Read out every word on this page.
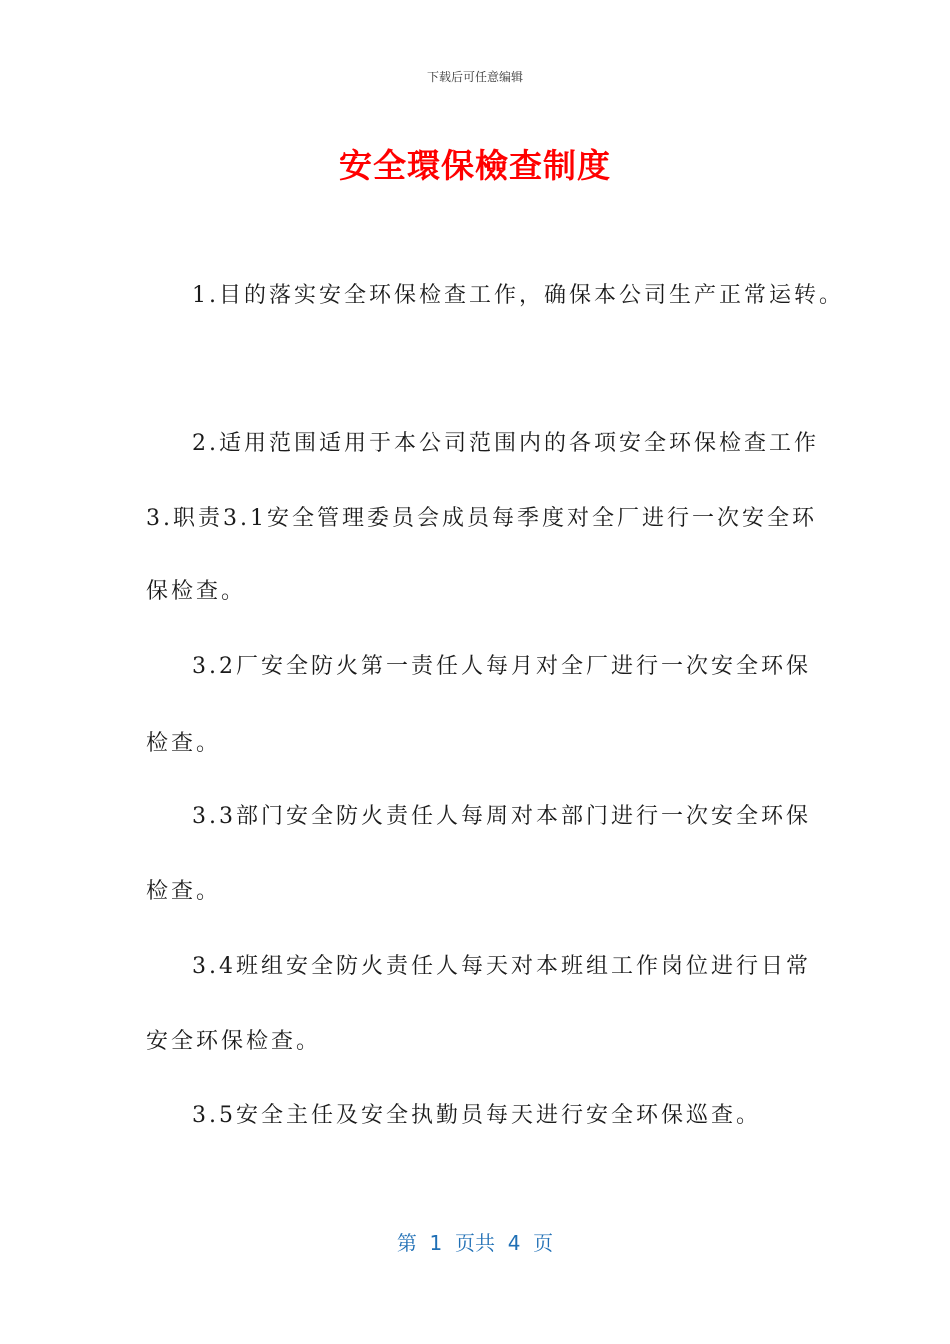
下载后可任意编辑
安全環保檢查制度
1.目的落实安全环保检查工作，确保本公司生产正常运转。
2.适用范围适用于本公司范围内的各项安全环保检查工作
3.职责3.1安全管理委员会成员每季度对全厂进行一次安全环
保检查。
3.2厂安全防火第一责任人每月对全厂进行一次安全环保
检查。
3.3部门安全防火责任人每周对本部门进行一次安全环保
检查。
3.4班组安全防火责任人每天对本班组工作岗位进行日常
安全环保检查。
3.5安全主任及安全执勤员每天进行安全环保巡查。
第  1  页共  4  页
